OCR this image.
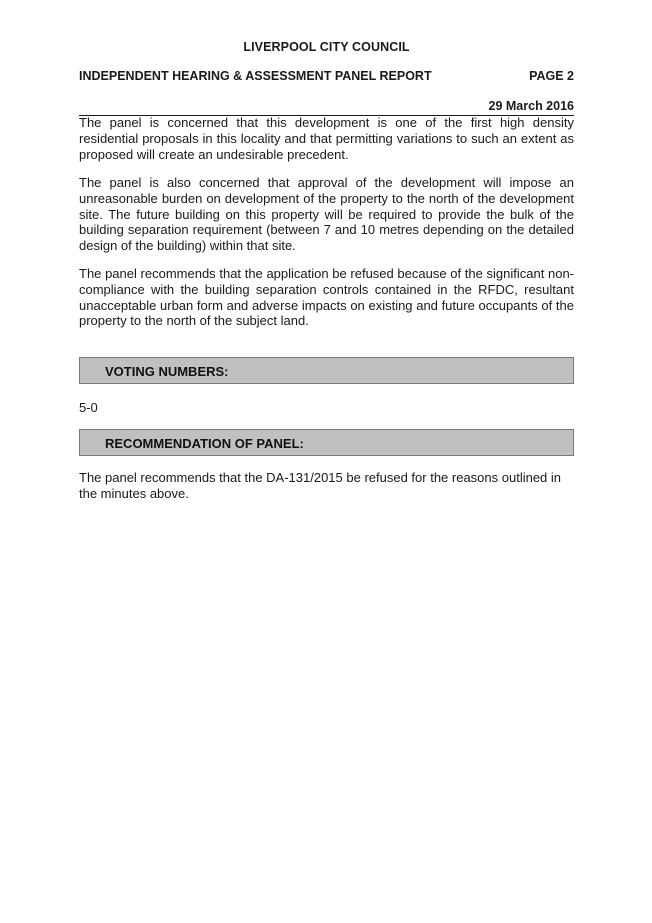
LIVERPOOL CITY COUNCIL
INDEPENDENT HEARING & ASSESSMENT PANEL REPORT	PAGE 2
29 March 2016

The panel is concerned that this development is one of the first high density residential proposals in this locality and that permitting variations to such an extent as proposed will create an undesirable precedent.

The panel is also concerned that approval of the development will impose an unreasonable burden on development of the property to the north of the development site. The future building on this property will be required to provide the bulk of the building separation requirement (between 7 and 10 metres depending on the detailed design of the building) within that site.

The panel recommends that the application be refused because of the significant non-compliance with the building separation controls contained in the RFDC, resultant unacceptable urban form and adverse impacts on existing and future occupants of the property to the north of the subject land.

VOTING NUMBERS:
5-0
RECOMMENDATION OF PANEL:

The panel recommends that the DA-131/2015 be refused for the reasons outlined in the minutes above.
